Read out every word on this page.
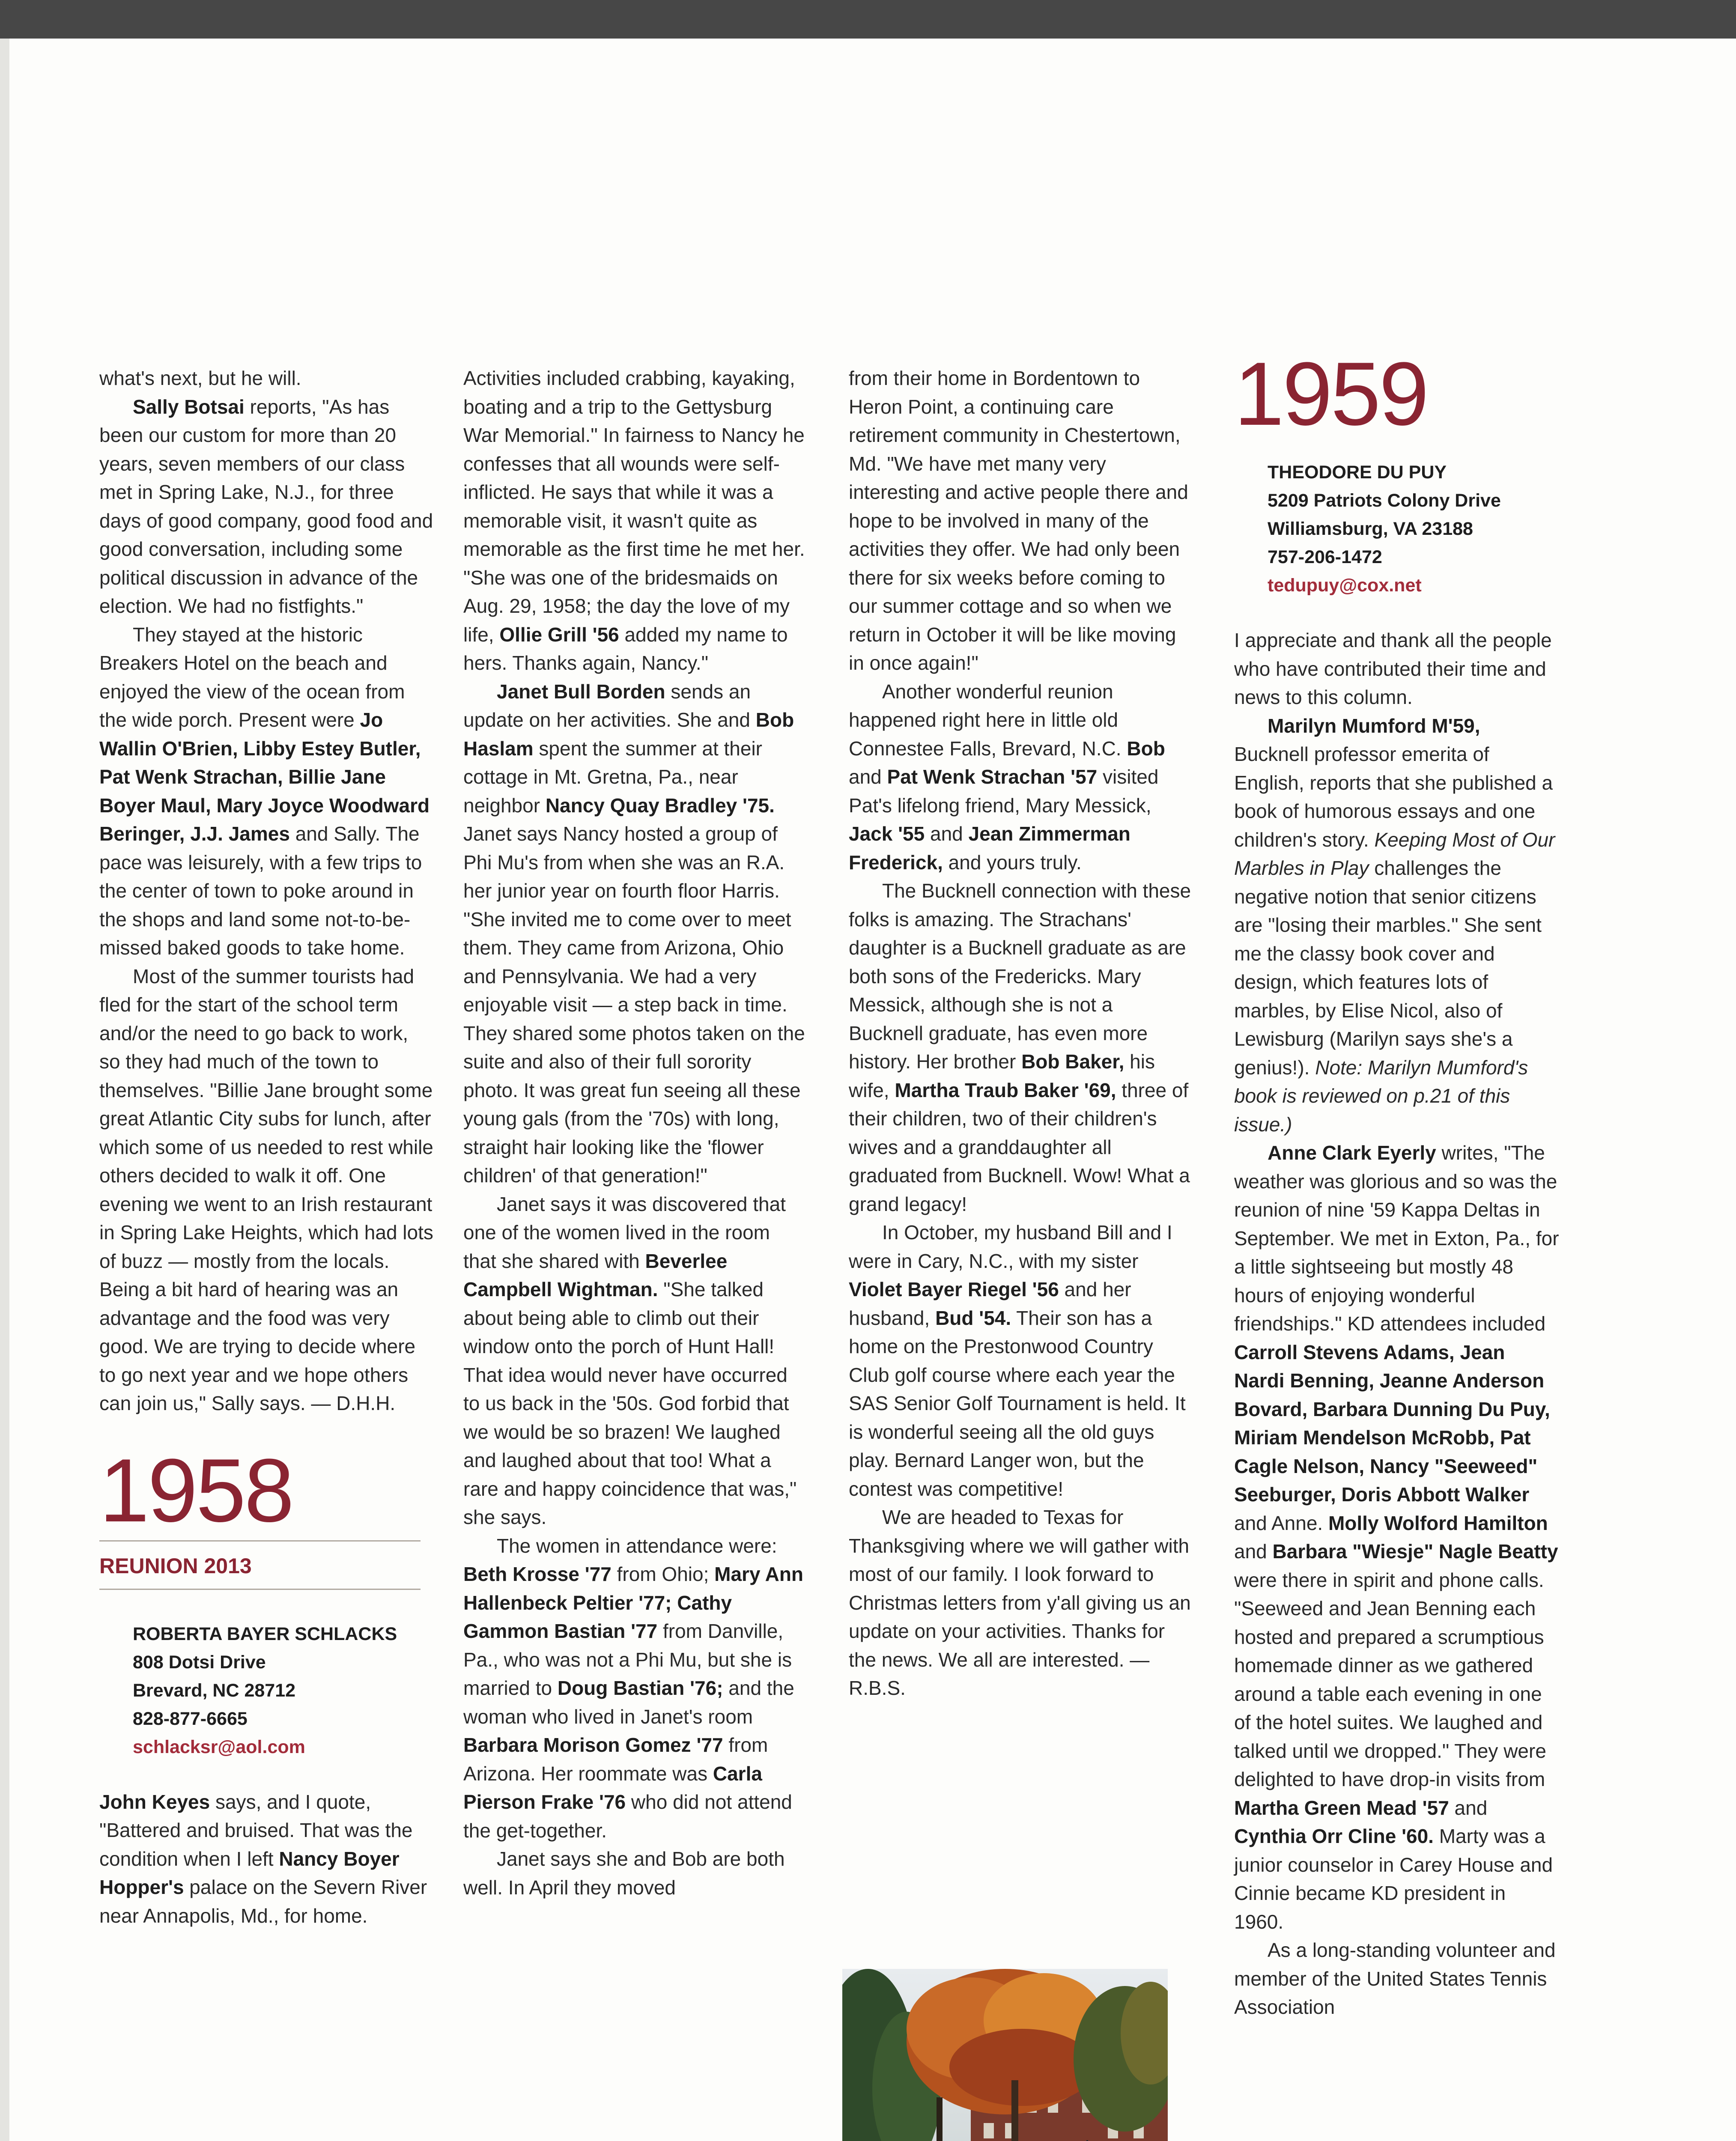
what's next, but he will.

Sally Botsai reports, "As has been our custom for more than 20 years, seven members of our class met in Spring Lake, N.J., for three days of good company, good food and good conversation, including some political discussion in advance of the election. We had no fistfights."

They stayed at the historic Breakers Hotel on the beach and enjoyed the view of the ocean from the wide porch. Present were Jo Wallin O'Brien, Libby Estey Butler, Pat Wenk Strachan, Billie Jane Boyer Maul, Mary Joyce Woodward Beringer, J.J. James and Sally. The pace was leisurely, with a few trips to the center of town to poke around in the shops and land some not-to-be-missed baked goods to take home.

Most of the summer tourists had fled for the start of the school term and/or the need to go back to work, so they had much of the town to themselves. "Billie Jane brought some great Atlantic City subs for lunch, after which some of us needed to rest while others decided to walk it off. One evening we went to an Irish restaurant in Spring Lake Heights, which had lots of buzz — mostly from the locals. Being a bit hard of hearing was an advantage and the food was very good. We are trying to decide where to go next year and we hope others can join us," Sally says. — D.H.H.

1958
REUNION 2013

ROBERTA BAYER SCHLACKS

808 Dotsi Drive

Brevard, NC 28712

828-877-6665

schlacksr@aol.com

John Keyes says, and I quote, "Battered and bruised. That was the condition when I left Nancy Boyer Hopper's palace on the Severn River near Annapolis, Md., for home.

Activities included crabbing, kayaking, boating and a trip to the Gettysburg War Memorial." In fairness to Nancy he confesses that all wounds were self-inflicted. He says that while it was a memorable visit, it wasn't quite as memorable as the first time he met her. "She was one of the bridesmaids on Aug. 29, 1958; the day the love of my life, Ollie Grill '56 added my name to hers. Thanks again, Nancy."

Janet Bull Borden sends an update on her activities. She and Bob Haslam spent the summer at their cottage in Mt. Gretna, Pa., near neighbor Nancy Quay Bradley '75. Janet says Nancy hosted a group of Phi Mu's from when she was an R.A. her junior year on fourth floor Harris. "She invited me to come over to meet them. They came from Arizona, Ohio and Pennsylvania. We had a very enjoyable visit — a step back in time. They shared some photos taken on the suite and also of their full sorority photo. It was great fun seeing all these young gals (from the '70s) with long, straight hair looking like the 'flower children' of that generation!"

Janet says it was discovered that one of the women lived in the room that she shared with Beverlee Campbell Wightman. "She talked about being able to climb out their window onto the porch of Hunt Hall! That idea would never have occurred to us back in the '50s. God forbid that we would be so brazen! We laughed and laughed about that too! What a rare and happy coincidence that was," she says.

The women in attendance were: Beth Krosse '77 from Ohio; Mary Ann Hallenbeck Peltier '77; Cathy Gammon Bastian '77 from Danville, Pa., who was not a Phi Mu, but she is married to Doug Bastian '76; and the woman who lived in Janet's room Barbara Morison Gomez '77 from Arizona. Her roommate was Carla Pierson Frake '76 who did not attend the get-together.

Janet says she and Bob are both well. In April they moved

from their home in Bordentown to Heron Point, a continuing care retirement community in Chestertown, Md. "We have met many very interesting and active people there and hope to be involved in many of the activities they offer. We had only been there for six weeks before coming to our summer cottage and so when we return in October it will be like moving in once again!"

Another wonderful reunion happened right here in little old Connestee Falls, Brevard, N.C. Bob and Pat Wenk Strachan '57 visited Pat's lifelong friend, Mary Messick, Jack '55 and Jean Zimmerman Frederick, and yours truly.

The Bucknell connection with these folks is amazing. The Strachans' daughter is a Bucknell graduate as are both sons of the Fredericks. Mary Messick, although she is not a Bucknell graduate, has even more history. Her brother Bob Baker, his wife, Martha Traub Baker '69, three of their children, two of their children's wives and a granddaughter all graduated from Bucknell. Wow! What a grand legacy!

In October, my husband Bill and I were in Cary, N.C., with my sister Violet Bayer Riegel '56 and her husband, Bud '54. Their son has a home on the Prestonwood Country Club golf course where each year the SAS Senior Golf Tournament is held. It is wonderful seeing all the old guys play. Bernard Langer won, but the contest was competitive!

We are headed to Texas for Thanksgiving where we will gather with most of our family. I look forward to Christmas letters from y'all giving us an update on your activities. Thanks for the news. We all are interested. — R.B.S.

1959

THEODORE DU PUY

5209 Patriots Colony Drive

Williamsburg, VA 23188

757-206-1472

tedupuy@cox.net

I appreciate and thank all the people who have contributed their time and news to this column.

Marilyn Mumford M'59, Bucknell professor emerita of English, reports that she published a book of humorous essays and one children's story. Keeping Most of Our Marbles in Play challenges the negative notion that senior citizens are "losing their marbles." She sent me the classy book cover and design, which features lots of marbles, by Elise Nicol, also of Lewisburg (Marilyn says she's a genius!). Note: Marilyn Mumford's book is reviewed on p.21 of this issue.)

Anne Clark Eyerly writes, "The weather was glorious and so was the reunion of nine '59 Kappa Deltas in September. We met in Exton, Pa., for a little sightseeing but mostly 48 hours of enjoying wonderful friendships." KD attendees included Carroll Stevens Adams, Jean Nardi Benning, Jeanne Anderson Bovard, Barbara Dunning Du Puy, Miriam Mendelson McRobb, Pat Cagle Nelson, Nancy "Seeweed" Seeburger, Doris Abbott Walker and Anne. Molly Wolford Hamilton and Barbara "Wiesje" Nagle Beatty were there in spirit and phone calls. "Seeweed and Jean Benning each hosted and prepared a scrumptious homemade dinner as we gathered around a table each evening in one of the hotel suites. We laughed and talked until we dropped." They were delighted to have drop-in visits from Martha Green Mead '57 and Cynthia Orr Cline '60. Marty was a junior counselor in Carey House and Cinnie became KD president in 1960.

As a long-standing volunteer and member of the United States Tennis Association
